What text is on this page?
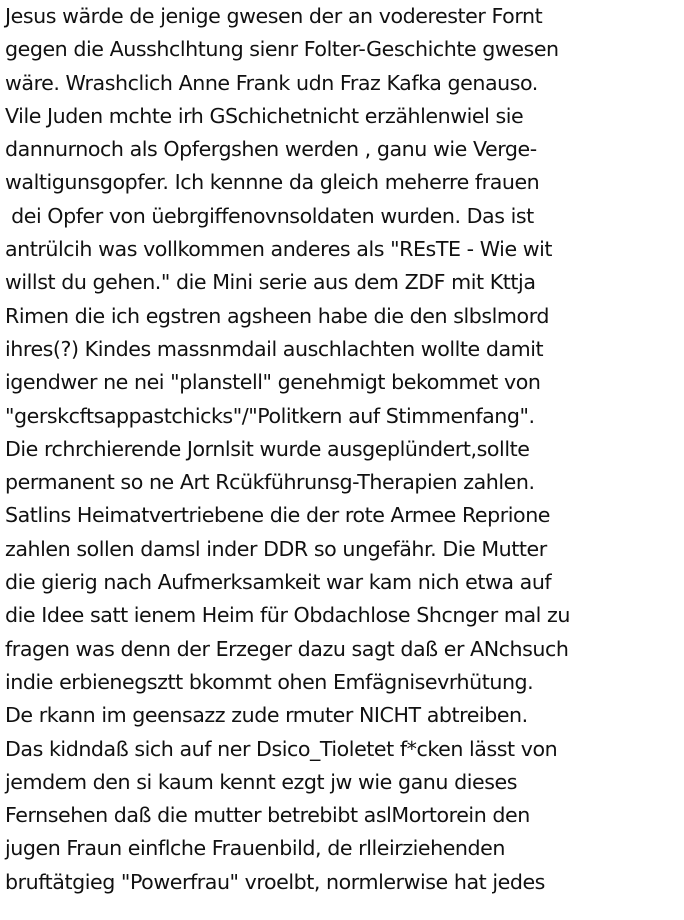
Jesus wärde de jenige gwesen der an voderester Fornt
gegen die Ausshclhtung sienr Folter-Geschichte gwesen
wäre. Wrashclich Anne Frank udn Fraz Kafka genauso.
Vile Juden mchte irh GSchichetnicht erzählenwiel sie
dannurnoch als Opfergshen werden , ganu wie Verge-
waltigunsgopfer. Ich kennne da gleich meherre frauen
dei Opfer von üebrgiffenovnsoldaten wurden. Das ist
antrülcih was vollkommen anderes als "REsTE - Wie wit
willst du gehen." die Mini serie aus dem ZDF mit Kttja
Rimen die ich egstren agsheen habe die den slbslmord
ihres(?) Kindes massnmdail auschlachten wollte damit
igendwer ne nei "planstell" genehmigt bekommet von
"gerskcftsappastchicks"/"Politkern auf Stimmenfang".
Die rchrchierende Jornlsit wurde ausgeplündert,sollte
permanent so ne Art Rcükführunsg-Therapien zahlen.
Satlins Heimatvertriebene die der rote Armee Reprione
zahlen sollen damsl inder DDR so ungefähr. Die Mutter
die gierig nach Aufmerksamkeit war kam nich etwa auf
die Idee satt ienem Heim für Obdachlose Shcnger mal zu
fragen was denn der Erzeger dazu sagt daß er ANchsuch
indie erbienegsztt bkommt ohen Emfägnisevrhütung.
De rkann im geensazz zude rmuter NICHT abtreiben.
Das kidndaß sich auf ner Dsico_Tioletet f*cken lässt von
jemdem den si kaum kennt ezgt jw wie ganu dieses
Fernsehen daß die mutter betrebibt aslMortorein den
jugen Fraun einflche Frauenbild, de rlleirziehenden
bruftätgieg "Powerfrau" vroelbt, normlerwise hat jedes
